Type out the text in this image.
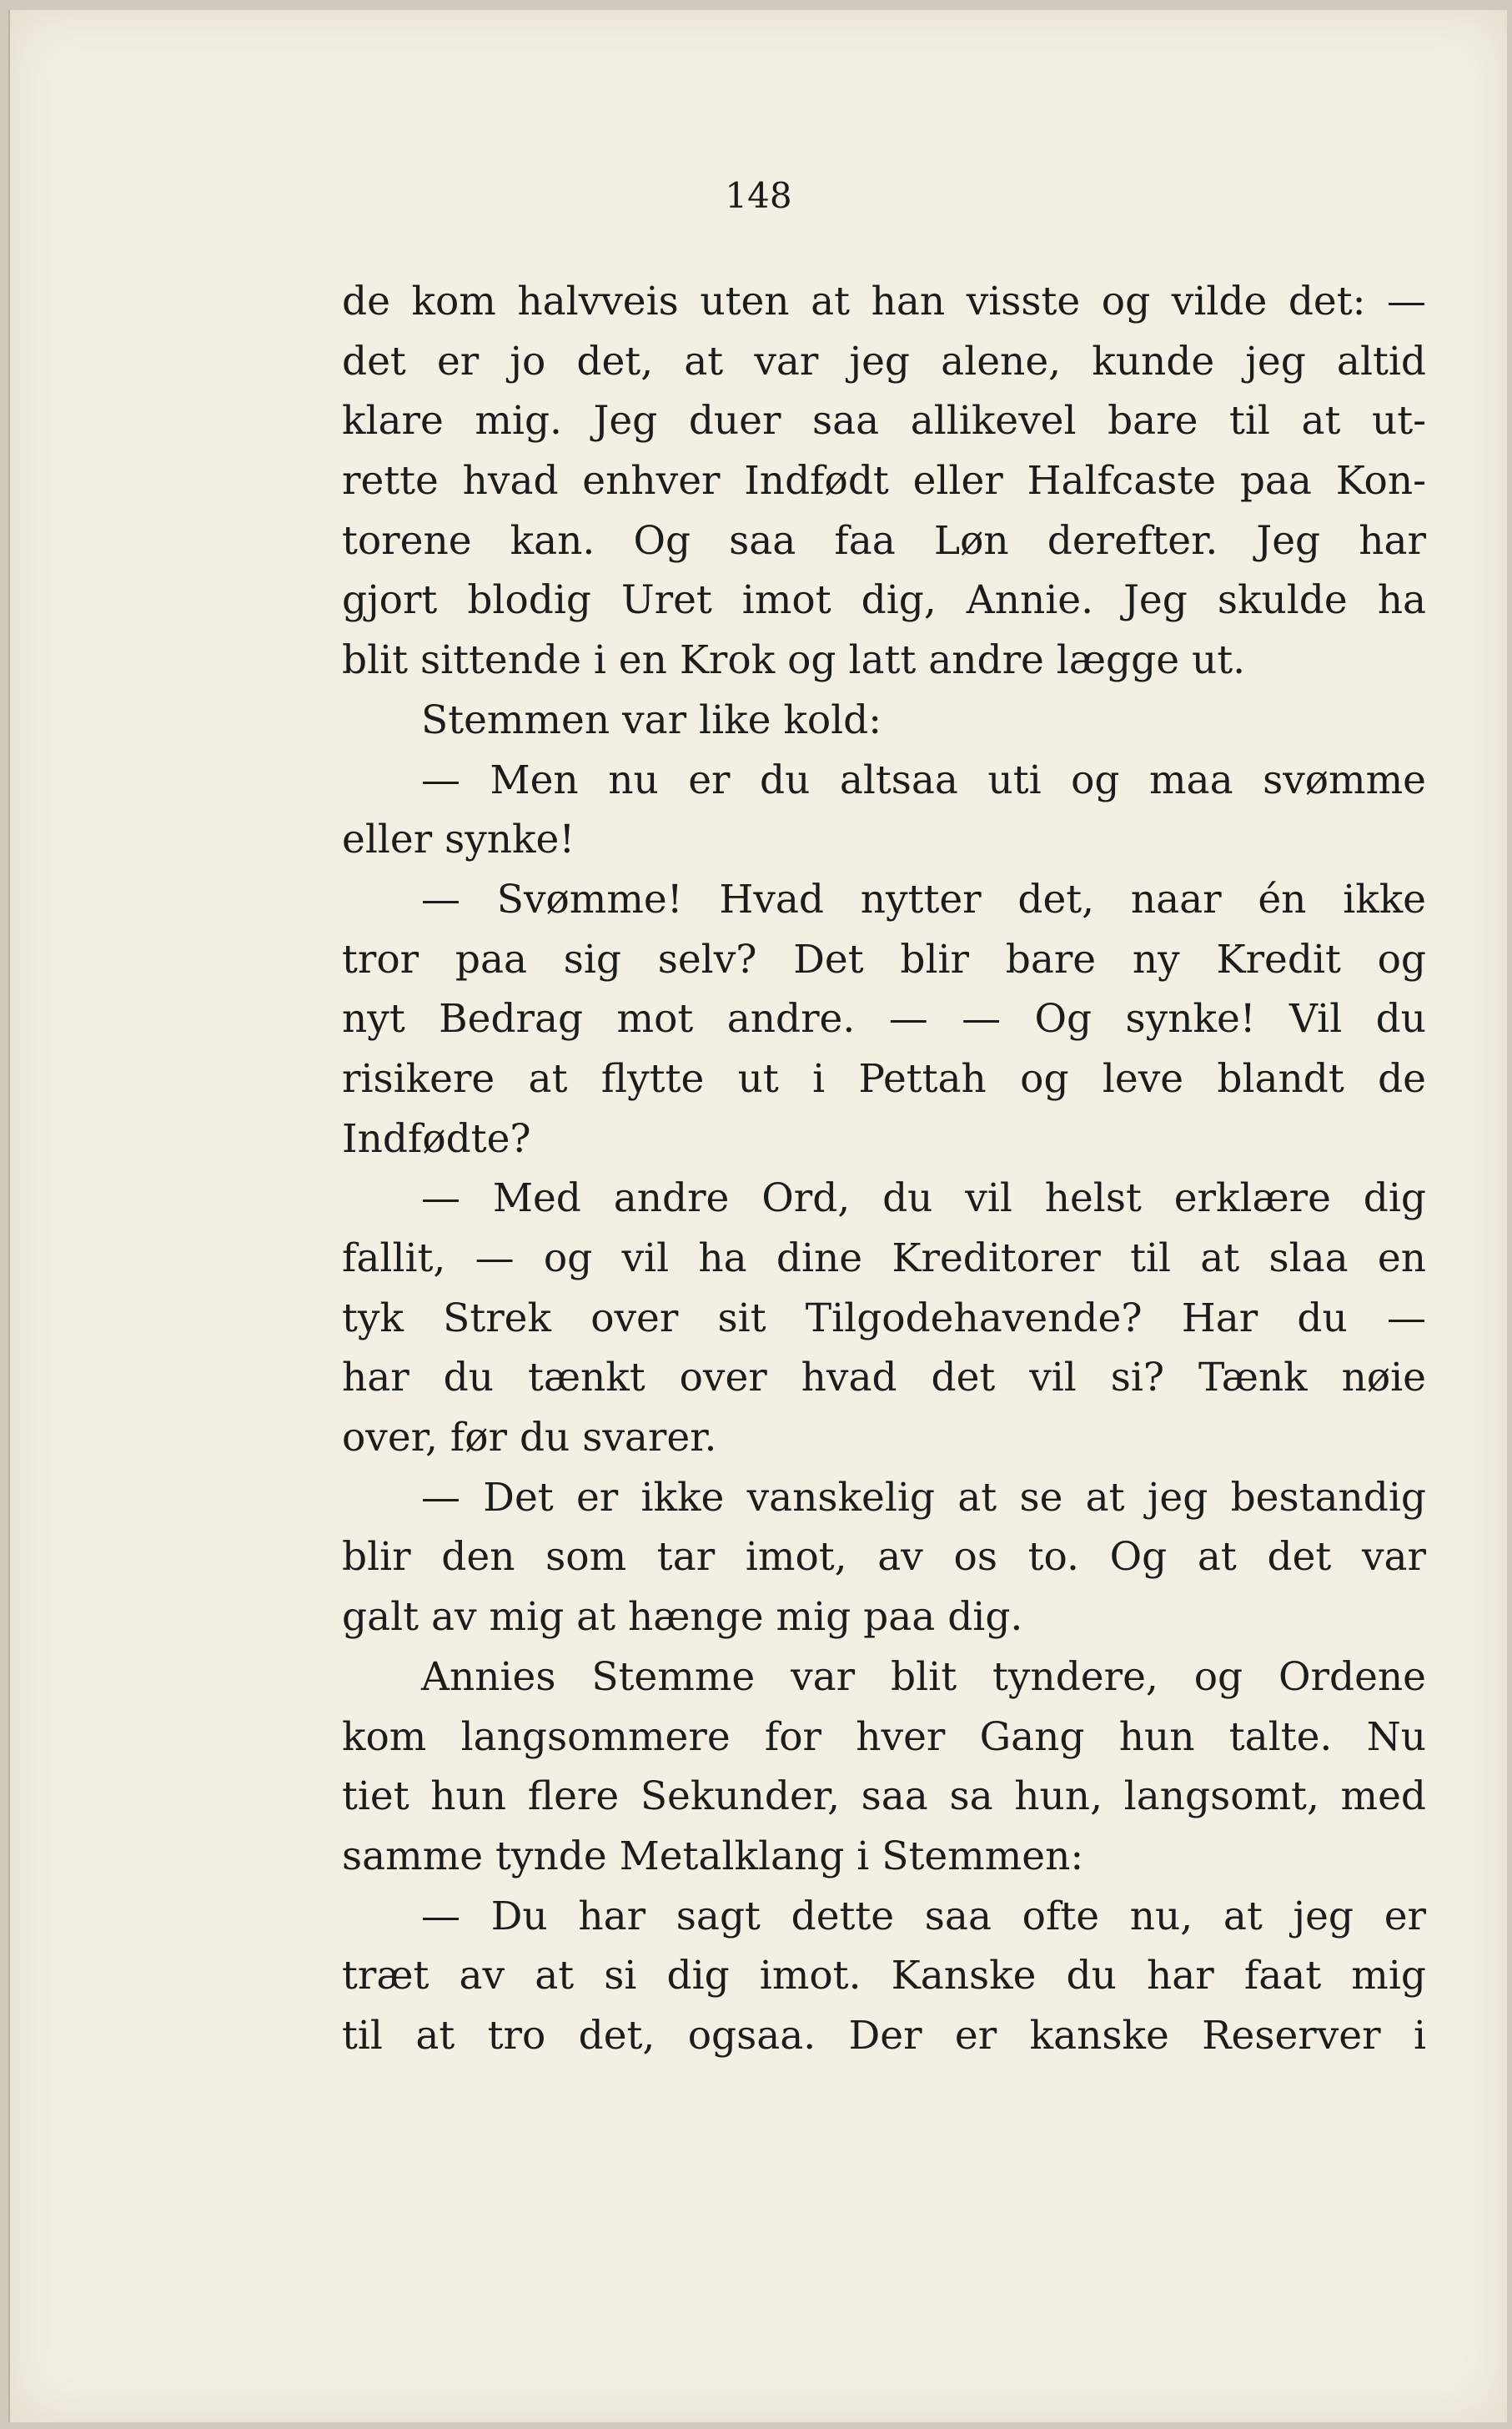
148
de kom halvveis uten at han visste og vilde det: —
det er jo det, at var jeg alene, kunde jeg altid
klare mig. Jeg duer saa allikevel bare til at ut-
rette hvad enhver Indfødt eller Halfcaste paa Kon-
torene kan. Og saa faa Løn derefter. Jeg har
gjort blodig Uret imot dig, Annie. Jeg skulde ha
blit sittende i en Krok og latt andre lægge ut.
Stemmen var like kold:
— Men nu er du altsaa uti og maa svømme
eller synke!
— Svømme! Hvad nytter det, naar én ikke
tror paa sig selv? Det blir bare ny Kredit og
nyt Bedrag mot andre. — — Og synke! Vil du
risikere at flytte ut i Pettah og leve blandt de
Indfødte?
— Med andre Ord, du vil helst erklære dig
fallit, — og vil ha dine Kreditorer til at slaa en
tyk Strek over sit Tilgodehavende? Har du —
har du tænkt over hvad det vil si? Tænk nøie
over, før du svarer.
— Det er ikke vanskelig at se at jeg bestandig
blir den som tar imot, av os to. Og at det var
galt av mig at hænge mig paa dig.
Annies Stemme var blit tyndere, og Ordene
kom langsommere for hver Gang hun talte. Nu
tiet hun flere Sekunder, saa sa hun, langsomt, med
samme tynde Metalklang i Stemmen:
— Du har sagt dette saa ofte nu, at jeg er
træt av at si dig imot. Kanske du har faat mig
til at tro det, ogsaa. Der er kanske Reserver i
